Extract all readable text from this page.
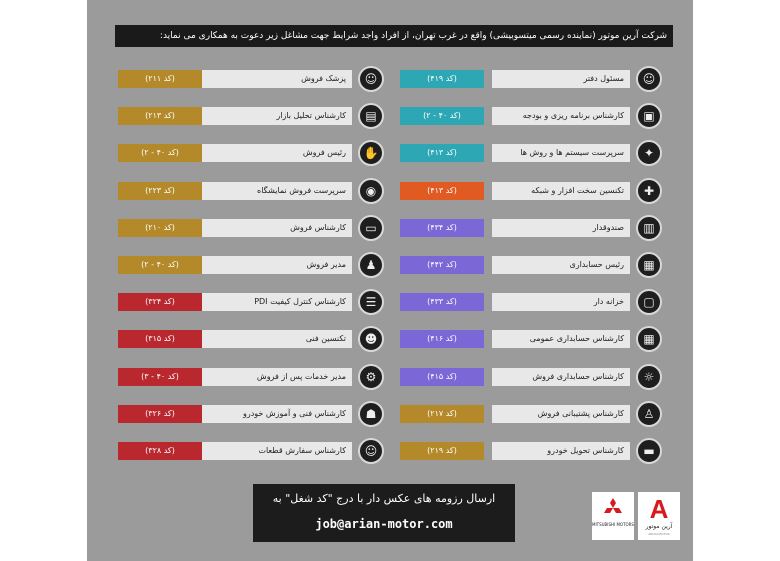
شرکت آرین موتور (نماینده رسمی میتسوبیشی) واقع در غرب تهران، از افراد واجد شرایط جهت مشاغل زیر دعوت به همکاری می نماید:
(کد ۲۱۱)	پزشک فروش	☺
(کد ۲۱۳)	کارشناس تحلیل بازار	▤
(کد ۴۰ - ۲)	رئیس فروش	✋
(کد ۲۲۳)	سرپرست فروش نمایشگاه	◉
(کد ۲۱۰)	کارشناس فروش	▭
(کد ۴۰ - ۲)	مدیر فروش	♟
(کد ۳۲۴)	کارشناس کنترل کیفیت PDI	☰
(کد ۳۱۵)	تکنسین فنی	☻
(کد ۴۰ - ۳)	مدیر خدمات پس از فروش	⚙
(کد ۳۲۶)	کارشناس فنی و آموزش خودرو	☗
(کد ۳۲۸)	کارشناس سفارش قطعات	☺
(کد ۴۱۹)	مسئول دفتر	☺
(کد ۴۰ - ۲)	کارشناس برنامه ریزی و بودجه	▣
(کد ۴۱۳)	سرپرست سیستم ها و روش ها	✦
(کد ۴۱۳)	تکنسین سخت افزار و شبکه	✚
(کد ۴۳۴)	صندوقدار	▥
(کد ۴۴۲)	رئیس حسابداری	▦
(کد ۴۳۳)	خزانه دار	▢
(کد ۴۱۶)	کارشناس حسابداری عمومی	▦
(کد ۴۱۵)	کارشناس حسابداری فروش	☼
(کد ۲۱۷)	کارشناس پشتیبانی فروش	♙
(کد ۲۱۹)	کارشناس تحویل خودرو	▬
ارسال رزومه های عکس دار با درج "کد شغل" به
job@arian-motor.com	MITSUBISHI MOTORS
A
آرین موتور
ARIAN MOTOR
